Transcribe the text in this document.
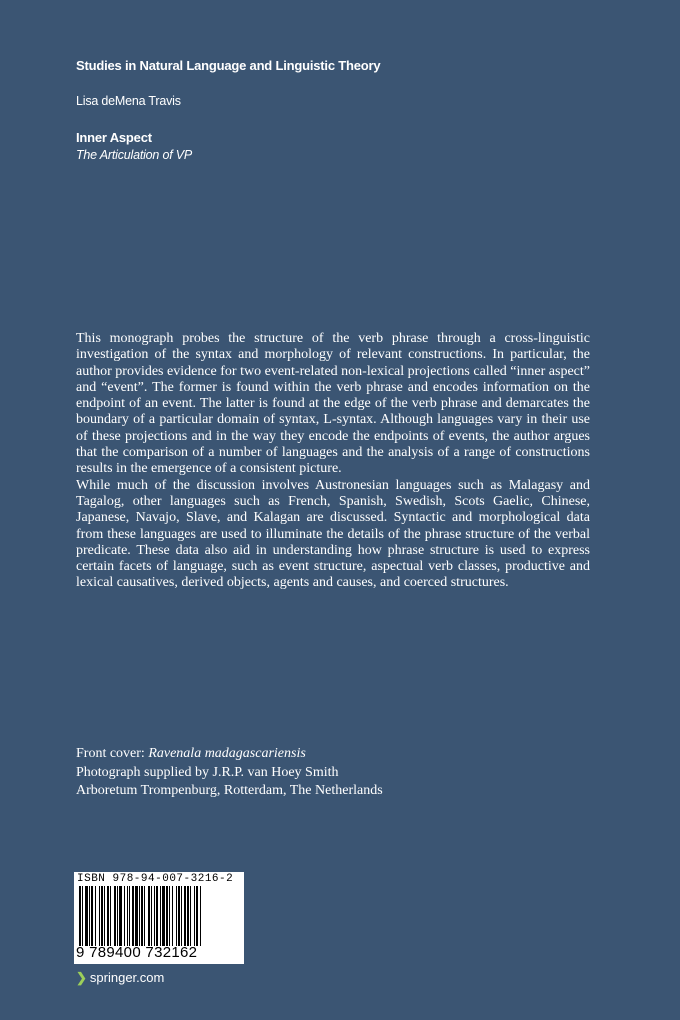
Studies in Natural Language and Linguistic Theory
Lisa deMena Travis
Inner Aspect
The Articulation of VP

This monograph probes the structure of the verb phrase through a cross-linguistic investigation of the syntax and morphology of relevant constructions. In particular, the author provides evidence for two event-related non-lexical projections called “inner aspect” and “event”. The former is found within the verb phrase and encodes information on the endpoint of an event. The latter is found at the edge of the verb phrase and demarcates the boundary of a particular domain of syntax, L-syntax. Although languages vary in their use of these projections and in the way they encode the endpoints of events, the author argues that the comparison of a number of languages and the analysis of a range of constructions results in the emergence of a consistent picture.

While much of the discussion involves Austronesian languages such as Malagasy and Tagalog, other languages such as French, Spanish, Swedish, Scots Gaelic, Chinese, Japanese, Navajo, Slave, and Kalagan are discussed. Syntactic and morphological data from these languages are used to illuminate the details of the phrase structure of the verbal predicate. These data also aid in understanding how phrase structure is used to express certain facets of language, such as event structure, aspectual verb classes, productive and lexical causatives, derived objects, agents and causes, and coerced structures.

Front cover: Ravenala madagascariensis
Photograph supplied by J.R.P. van Hoey Smith
Arboretum Trompenburg, Rotterdam, The Netherlands
ISBN 978-94-007-3216-2
9 789400 732162
❯ springer.com
